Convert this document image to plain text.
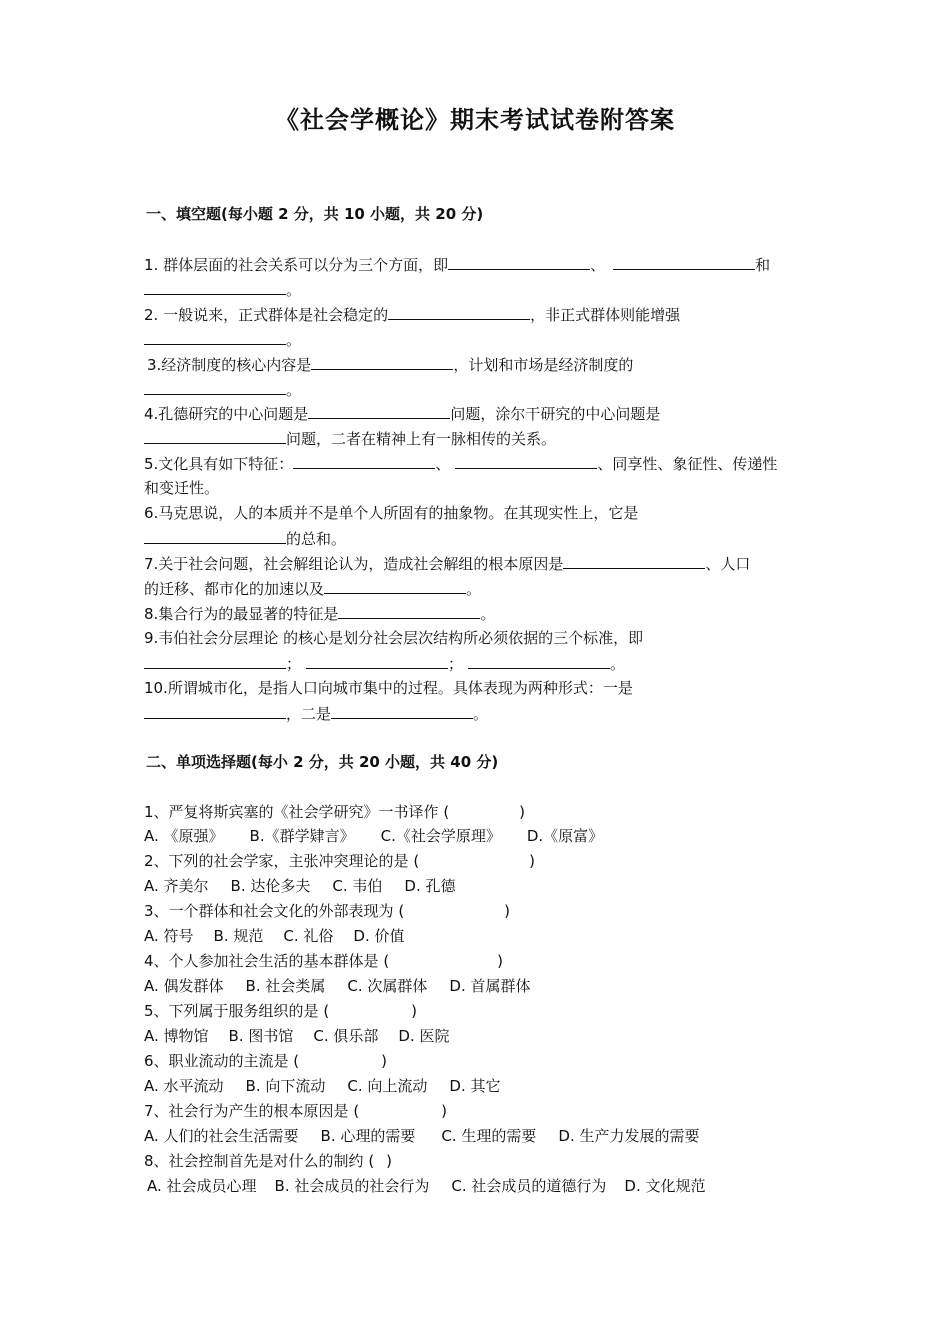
《社会学概论》期末考试试卷附答案
一、填空题(每小题 2 分，共 10 小题，共 20 分)
1. 群体层面的社会关系可以分为三个方面，即	、	和
。
2. 一般说来，正式群体是社会稳定的	，非正式群体则能增强
。
3.经济制度的核心内容是	，计划和市场是经济制度的
。
4.孔德研究的中心问题是	问题，涂尔干研究的中心问题是
问题，二者在精神上有一脉相传的关系。
5.文化具有如下特征：	、	、同享性、象征性、传递性
和变迁性。
6.马克思说，人的本质并不是单个人所固有的抽象物。在其现实性上，它是
的总和。
7.关于社会问题，社会解组论认为，造成社会解组的根本原因是	、人口
的迁移、都市化的加速以及	。
8.集合行为的最显著的特征是	。
9.韦伯社会分层理论 的核心是划分社会层次结构所必须依据的三个标准，即
；	；	。
10.所谓城市化，是指人口向城市集中的过程。具体表现为两种形式：一是
，二是	。
二、单项选择题(每小 2 分，共 20 小题，共 40 分)
1、严复将斯宾塞的《社会学研究》一书译作 (	)
A. 《原强》 B.《群学肄言》 C.《社会学原理》 D.《原富》
2、下列的社会学家，主张冲突理论的是 (	)
A. 齐美尔 B. 达伦多夫 C. 韦伯 D. 孔德
3、一个群体和社会文化的外部表现为 (	)
A. 符号 B. 规范 C. 礼俗 D. 价值
4、个人参加社会生活的基本群体是 (	)
A. 偶发群体 B. 社会类属 C. 次属群体 D. 首属群体
5、下列属于服务组织的是 (	)
A. 博物馆 B. 图书馆 C. 俱乐部 D. 医院
6、职业流动的主流是 (	)
A. 水平流动 B. 向下流动 C. 向上流动 D. 其它
7、社会行为产生的根本原因是 (	)
A. 人们的社会生活需要 B. 心理的需要 C. 生理的需要 D. 生产力发展的需要
8、社会控制首先是对什么的制约 ( )
A. 社会成员心理 B. 社会成员的社会行为 C. 社会成员的道德行为 D. 文化规范
